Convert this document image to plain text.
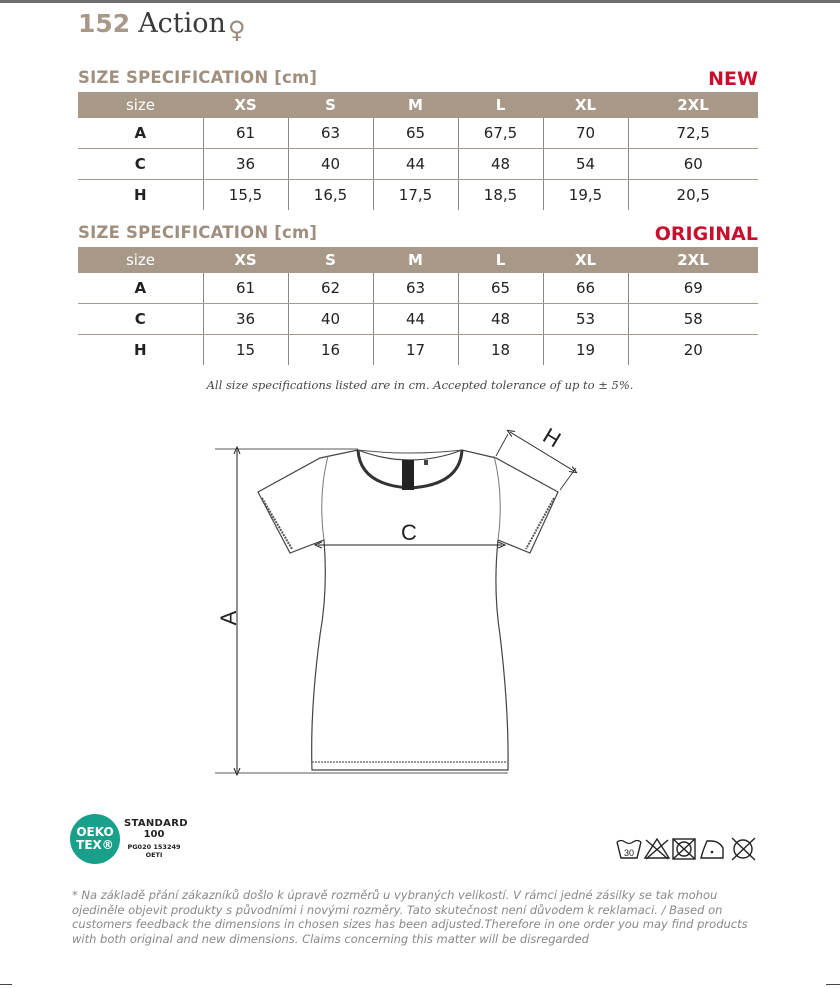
152 Action ♀
SIZE SPECIFICATION [cm]	NEW
size	XS	S	M	L	XL	2XL
A	61	63	65	67,5	70	72,5
C	36	40	44	48	54	60
H	15,5	16,5	17,5	18,5	19,5	20,5
SIZE SPECIFICATION [cm]	ORIGINAL
size	XS	S	M	L	XL	2XL
A	61	62	63	65	66	69
C	36	40	44	48	53	58
H	15	16	17	18	19	20
All size specifications listed are in cm. Accepted tolerance of up to ± 5%.
A
C
H
OEKO
TEX®
STANDARD
100
PG020 153249
OETI	30
* Na základě přání zákazníků došlo k úpravě rozměrů u vybraných velikostí. V rámci jedné zásilky se tak mohou ojediněle objevit produkty s původními i novými rozměry. Tato skutečnost není důvodem k reklamaci. / Based on customers feedback the dimensions in chosen sizes has been adjusted.Therefore in one order you may find products with both original and new dimensions. Claims concerning this matter will be disregarded
